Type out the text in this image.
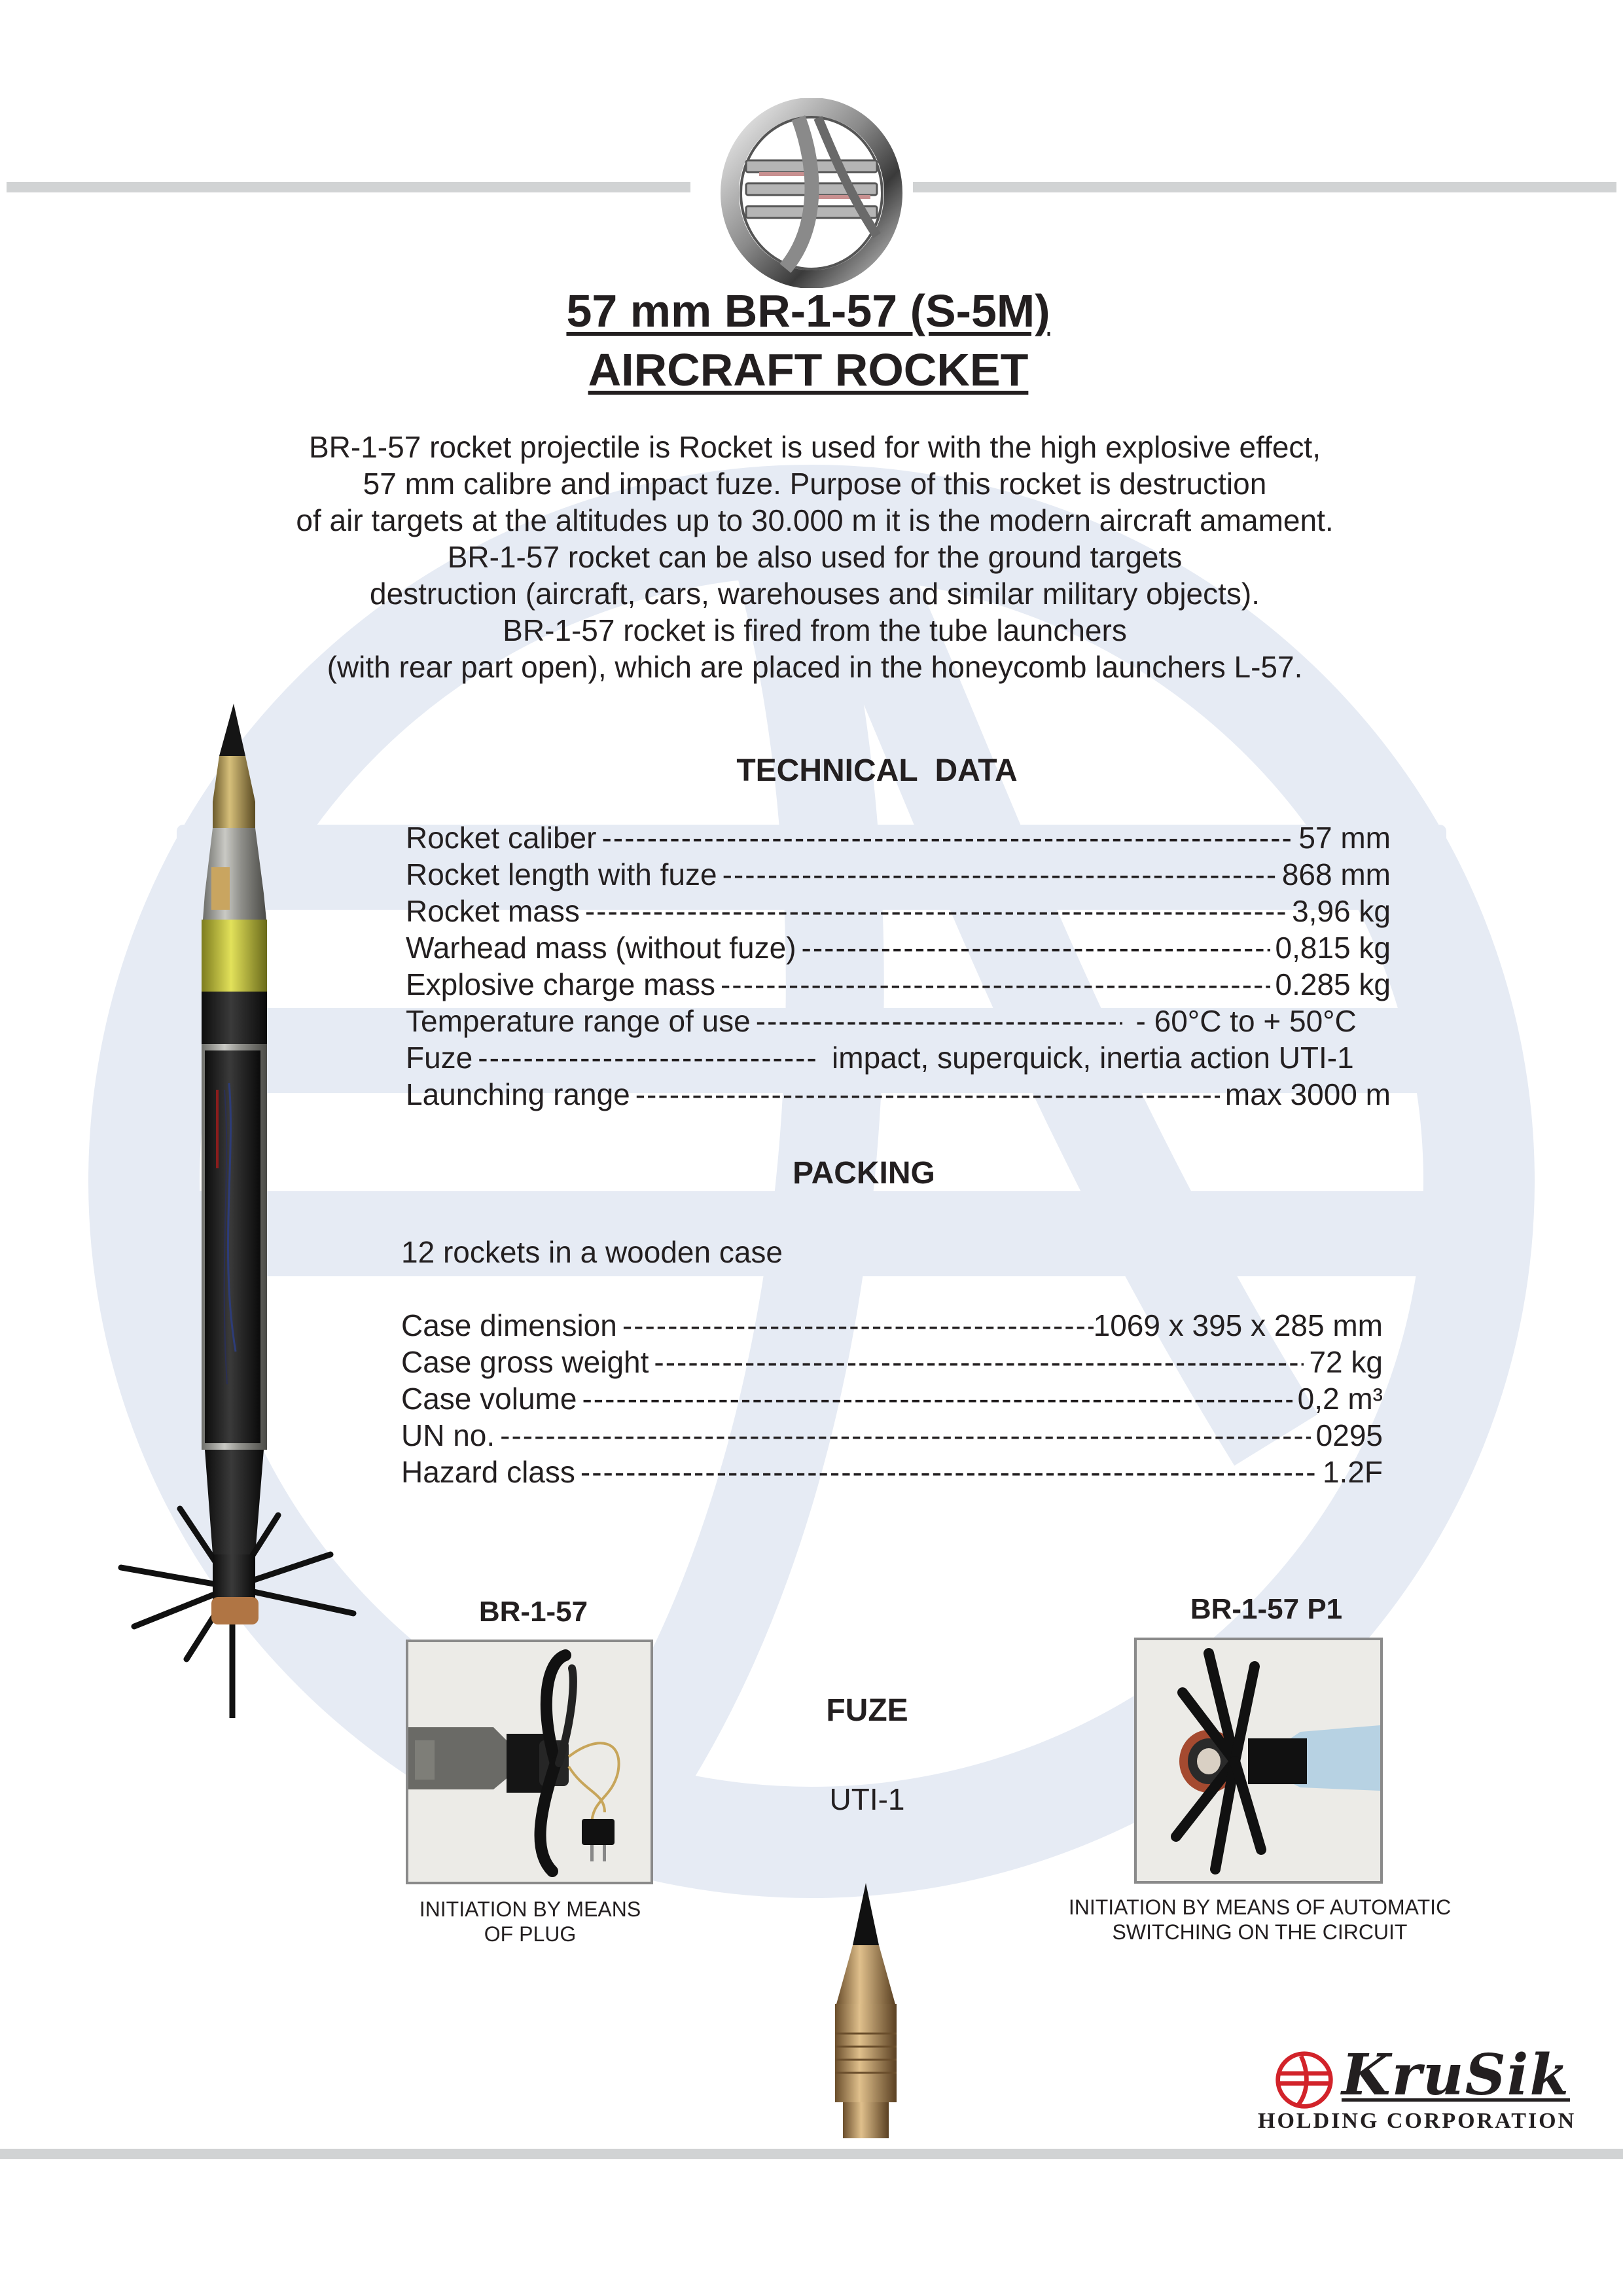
57 mm BR-1-57 (S-5M)
AIRCRAFT ROCKET

BR-1-57 rocket projectile is Rocket is used for with the high explosive effect,

57 mm calibre and impact fuze. Purpose of this rocket is destruction

of air targets at the altitudes up to 30.000 m it is the modern aircraft amament.

BR-1-57 rocket can be also used for the ground targets

destruction (aircraft, cars, warehouses and similar military objects).

BR-1-57 rocket is fired from the tube launchers

(with rear part open), which are placed in the honeycomb launchers L-57.

TECHNICAL  DATA
Rocket caliber -----	57 mm
Rocket length with fuze -----	868 mm
Rocket mass -----	3,96 kg
Warhead mass (without fuze) -----	0,815 kg
Explosive charge mass -----	0.285 kg
Temperature range of use -----	- 60°C to + 50°C
Fuze -----	impact, superquick, inertia action UTI-1
Launching range -----	max 3000 m
PACKING
12 rockets in a wooden case
Case dimension -----	1069 x 395 x 285 mm
Case gross weight -----	72 kg
Case volume -----	0,2 m³
UN no. -----	0295
Hazard class -----	1.2F
BR-1-57	BR-1-57 P1
INITIATION BY MEANS
OF PLUG
INITIATION BY MEANS OF AUTOMATIC
SWITCHING ON THE CIRCUIT
FUZE
UTI-1
KruSik
HOLDING CORPORATION
